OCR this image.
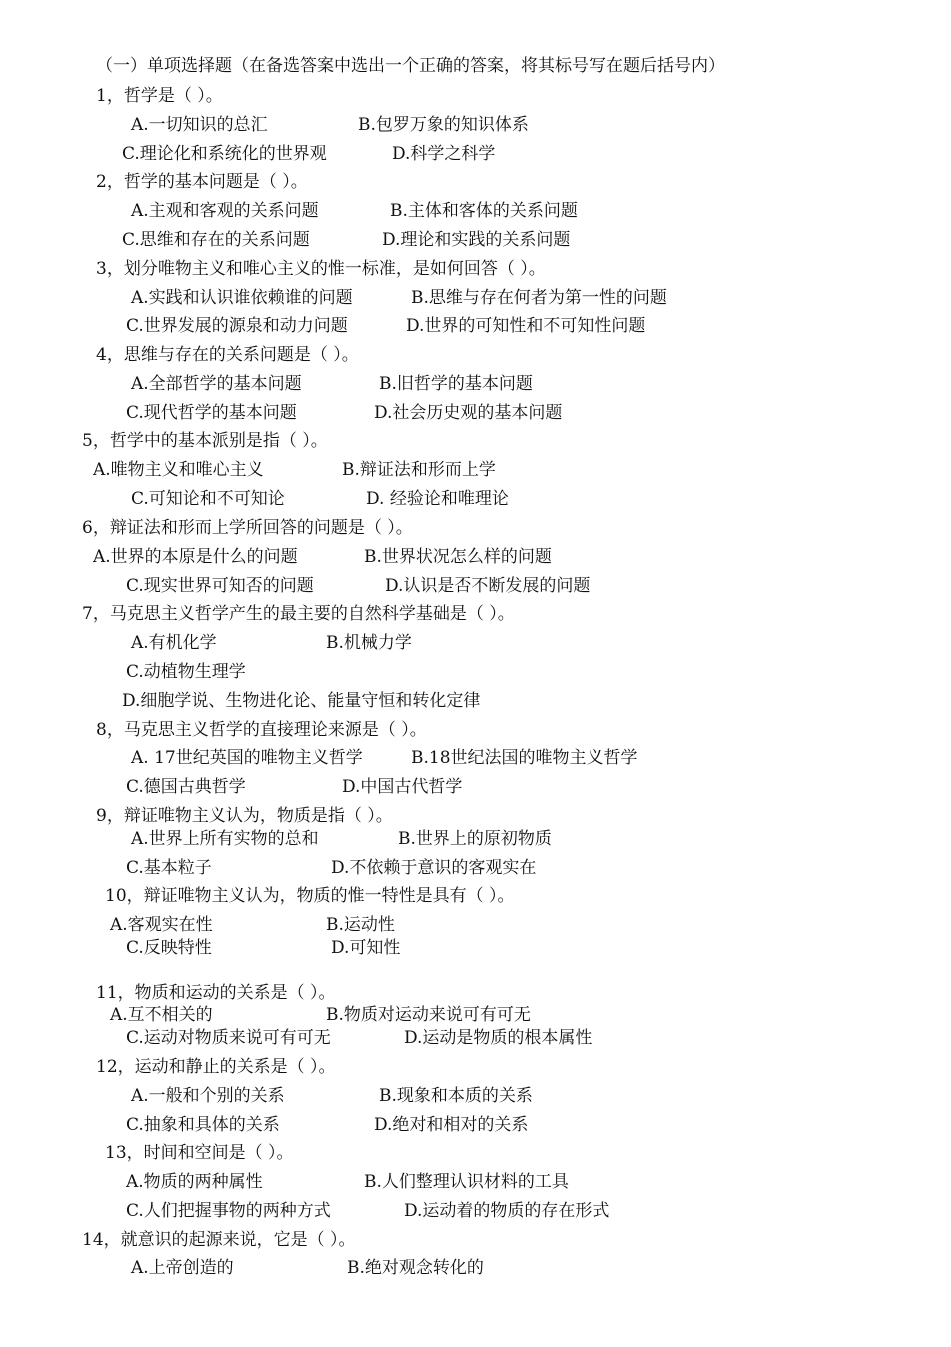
（一）单项选择题（在备选答案中选出一个正确的答案，将其标号写在题后括号内）
1，哲学是（ ）。
A.一切知识的总汇	B.包罗万象的知识体系
C.理论化和系统化的世界观	D.科学之科学
2，哲学的基本问题是（ ）。
A.主观和客观的关系问题	B.主体和客体的关系问题
C.思维和存在的关系问题	D.理论和实践的关系问题
3，划分唯物主义和唯心主义的惟一标准，是如何回答（ ）。
A.实践和认识谁依赖谁的问题	B.思维与存在何者为第一性的问题
C.世界发展的源泉和动力问题	D.世界的可知性和不可知性问题
4，思维与存在的关系问题是（ ）。
A.全部哲学的基本问题	B.旧哲学的基本问题
C.现代哲学的基本问题	D.社会历史观的基本问题
5，哲学中的基本派别是指（ ）。
A.唯物主义和唯心主义	B.辩证法和形而上学
C.可知论和不可知论	D. 经验论和唯理论
6，辩证法和形而上学所回答的问题是（ ）。
A.世界的本原是什么的问题	B.世界状况怎么样的问题
C.现实世界可知否的问题	D.认识是否不断发展的问题
7，马克思主义哲学产生的最主要的自然科学基础是（ ）。
A.有机化学	B.机械力学
C.动植物生理学
D.细胞学说、生物进化论、能量守恒和转化定律
8，马克思主义哲学的直接理论来源是（ ）。
A. 17世纪英国的唯物主义哲学	B.18世纪法国的唯物主义哲学
C.德国古典哲学	D.中国古代哲学
9，辩证唯物主义认为，物质是指（ ）。
A.世界上所有实物的总和	B.世界上的原初物质
C.基本粒子	D.不依赖于意识的客观实在
10，辩证唯物主义认为，物质的惟一特性是具有（ ）。
A.客观实在性	B.运动性
C.反映特性	D.可知性
11，物质和运动的关系是（ ）。
A.互不相关的	B.物质对运动来说可有可无
C.运动对物质来说可有可无	D.运动是物质的根本属性
12，运动和静止的关系是（ ）。
A.一般和个别的关系	B.现象和本质的关系
C.抽象和具体的关系	D.绝对和相对的关系
13，时间和空间是（ ）。
A.物质的两种属性	B.人们整理认识材料的工具
C.人们把握事物的两种方式	D.运动着的物质的存在形式
14，就意识的起源来说，它是（ ）。
A.上帝创造的	B.绝对观念转化的
